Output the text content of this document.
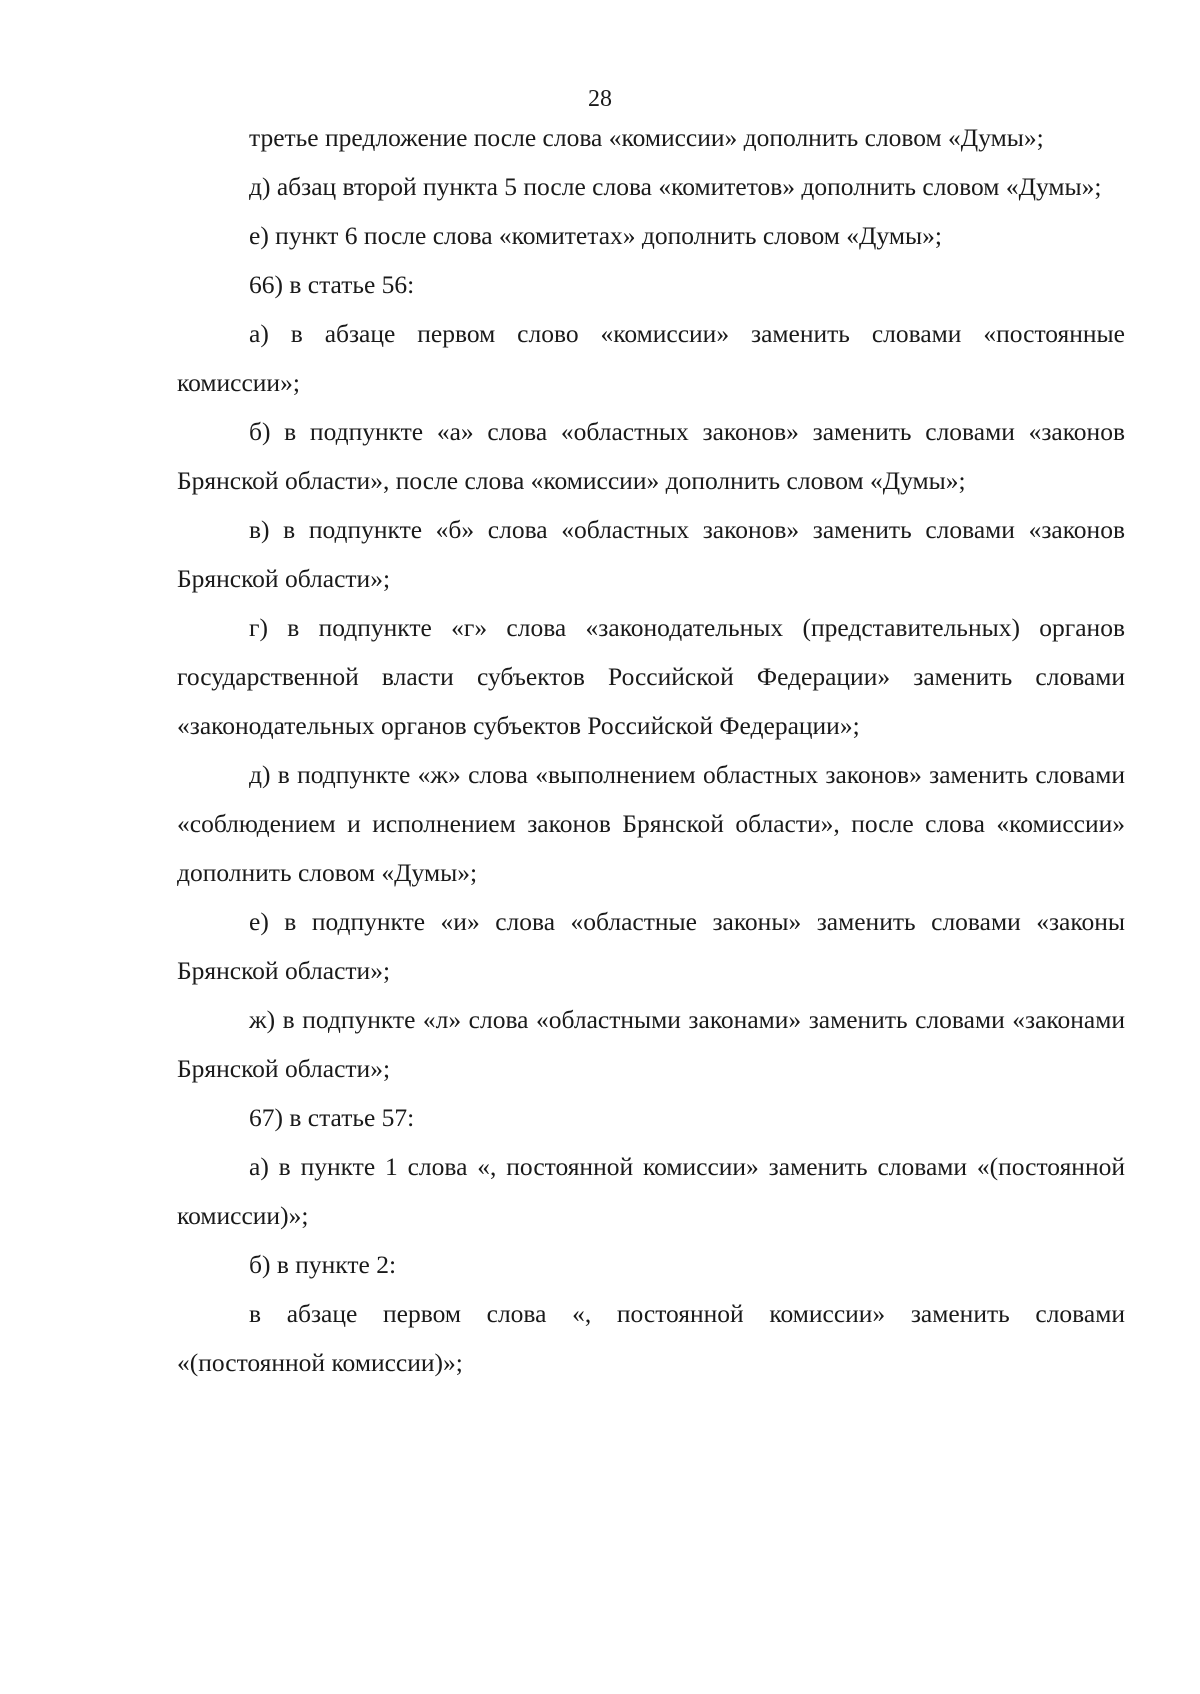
28

третье предложение после слова «комиссии» дополнить словом «Думы»;

д) абзац второй пункта 5 после слова «комитетов» дополнить словом «Думы»;

е) пункт 6 после слова «комитетах» дополнить словом «Думы»;

66) в статье 56:

а) в абзаце первом слово «комиссии» заменить словами «постоянные комиссии»;

б) в подпункте «а» слова «областных законов» заменить словами «законов Брянской области», после слова «комиссии» дополнить словом «Думы»;

в) в подпункте «б» слова «областных законов» заменить словами «законов Брянской области»;

г) в подпункте «г» слова «законодательных (представительных) органов государственной власти субъектов Российской Федерации» заменить словами «законодательных органов субъектов Российской Федерации»;

д) в подпункте «ж» слова «выполнением областных законов» заменить словами «соблюдением и исполнением законов Брянской области», после слова «комиссии» дополнить словом «Думы»;

е) в подпункте «и» слова «областные законы» заменить словами «законы Брянской области»;

ж) в подпункте «л» слова «областными законами» заменить словами «законами Брянской области»;

67) в статье 57:

а) в пункте 1 слова «, постоянной комиссии» заменить словами «(постоянной комиссии)»;

б) в пункте 2:

в абзаце первом слова «, постоянной комиссии» заменить словами «(постоянной комиссии)»;
